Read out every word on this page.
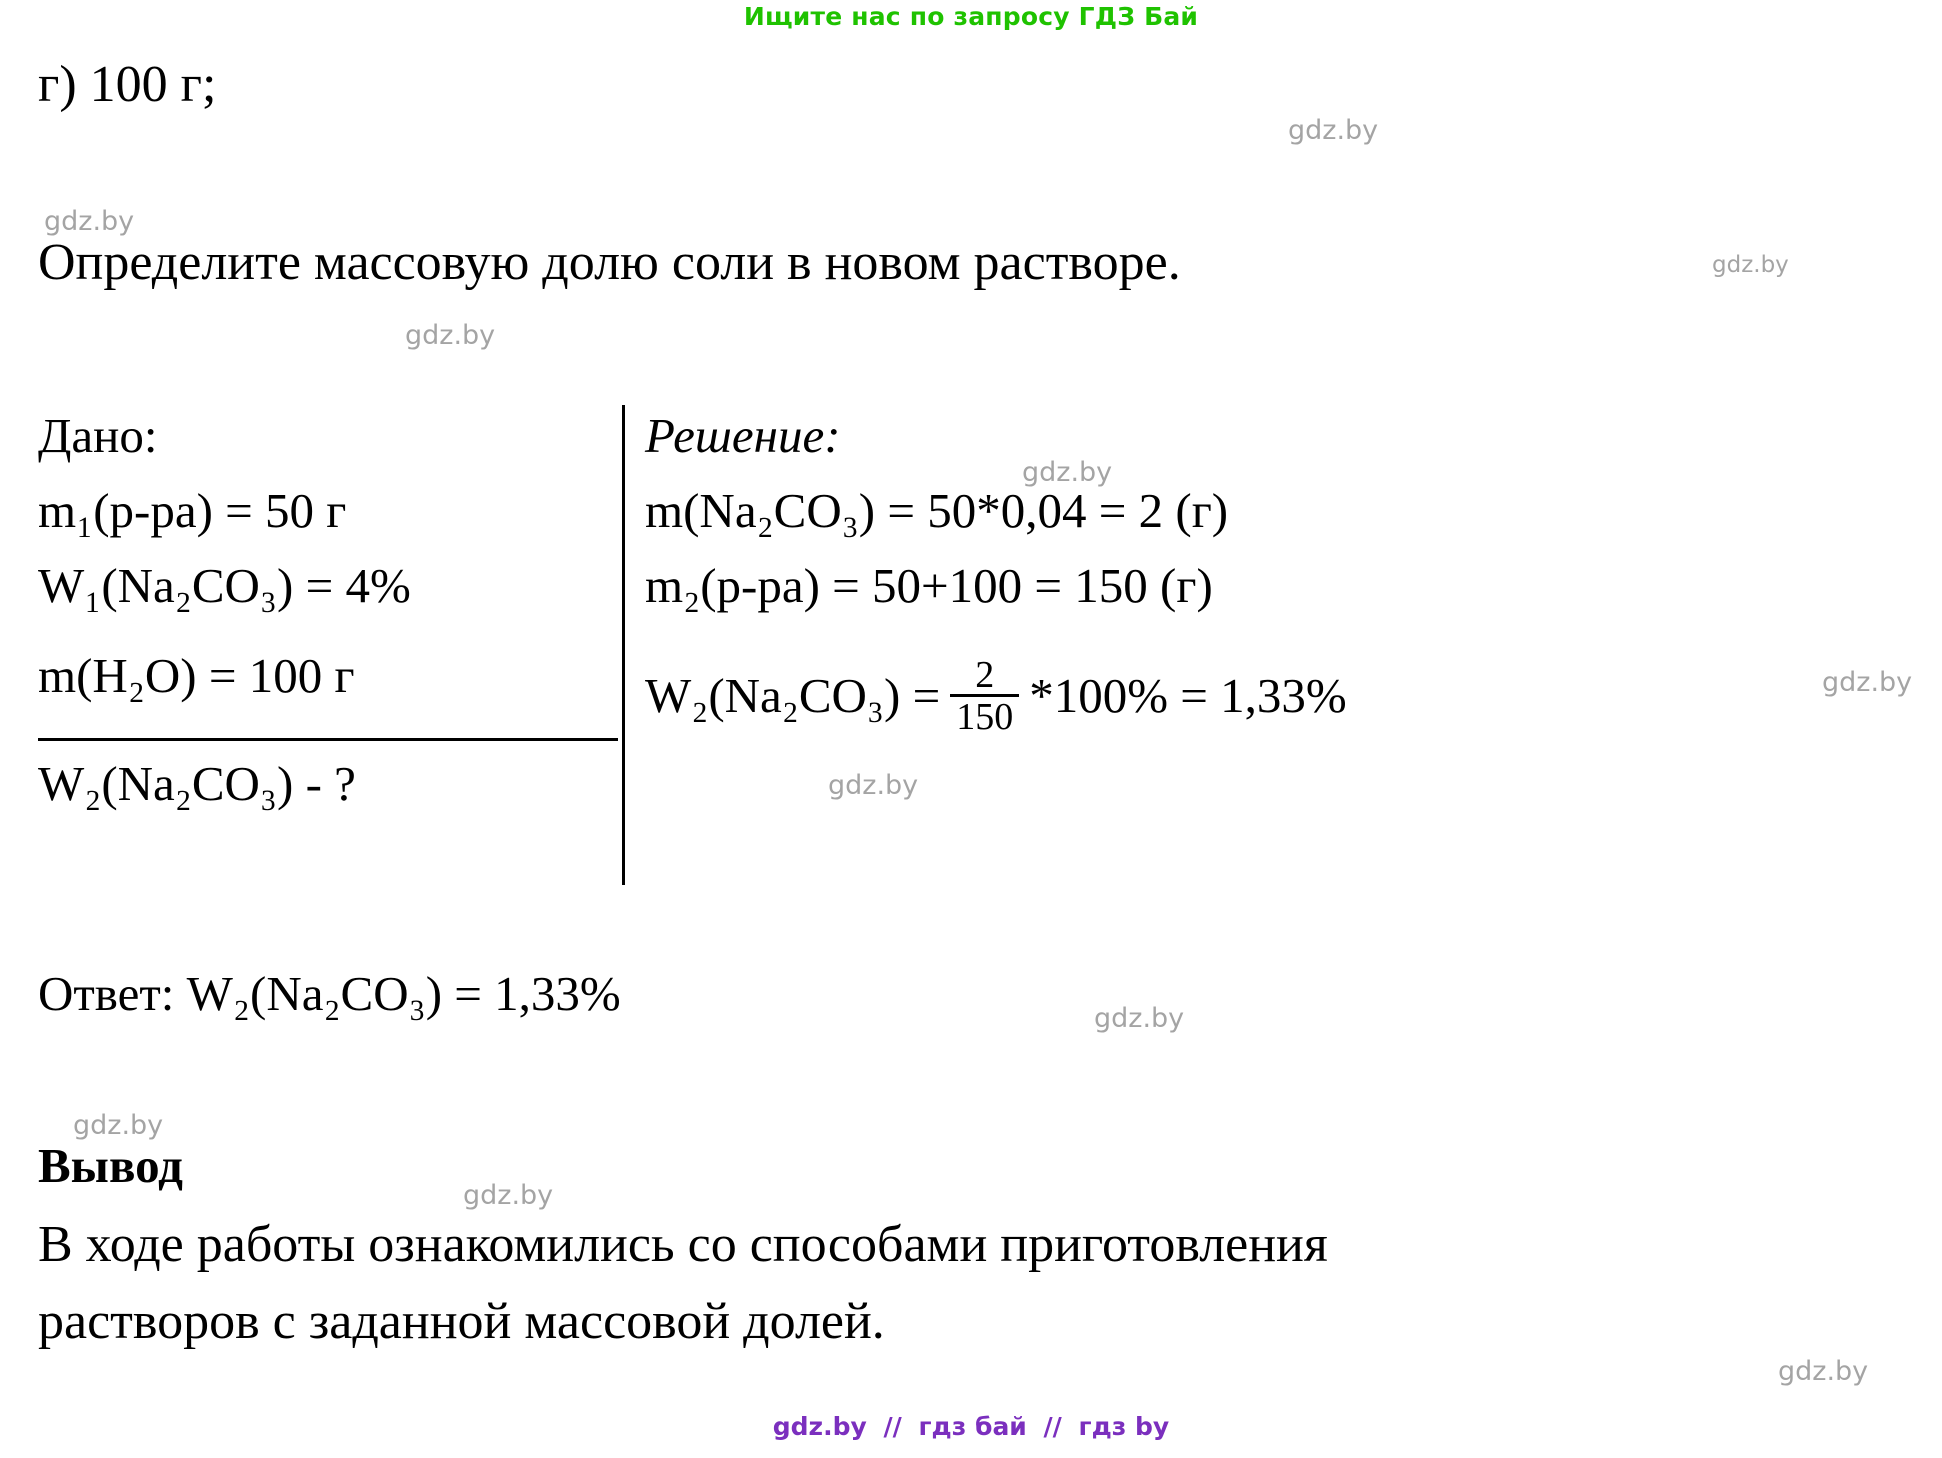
Ищите нас по запросу ГДЗ Бай
gdz.by
gdz.by
gdz.by
gdz.by
gdz.by
gdz.by
gdz.by
gdz.by
gdz.by
gdz.by
gdz.by
г) 100 г;
Определите массовую долю соли в новом растворе.
Дано:
m₁(р-ра) = 50 г
W₁(Na₂CO₃) = 4%
m(H₂O) = 100 г
W₂(Na₂CO₃) - ?
Решение:
m(Na₂CO₃) = 50*0,04 = 2 (г)
m₂(р-ра) = 50+100 = 150 (г)
$W_2(Na_2CO_3) = \frac{2}{150} *100\% = 1,33\%$
Ответ: W₂(Na₂CO₃) = 1,33%
Вывод
В ходе работы ознакомились со способами приготовления
растворов с заданной массовой долей.
gdz.by // гдз бай // гдз by
